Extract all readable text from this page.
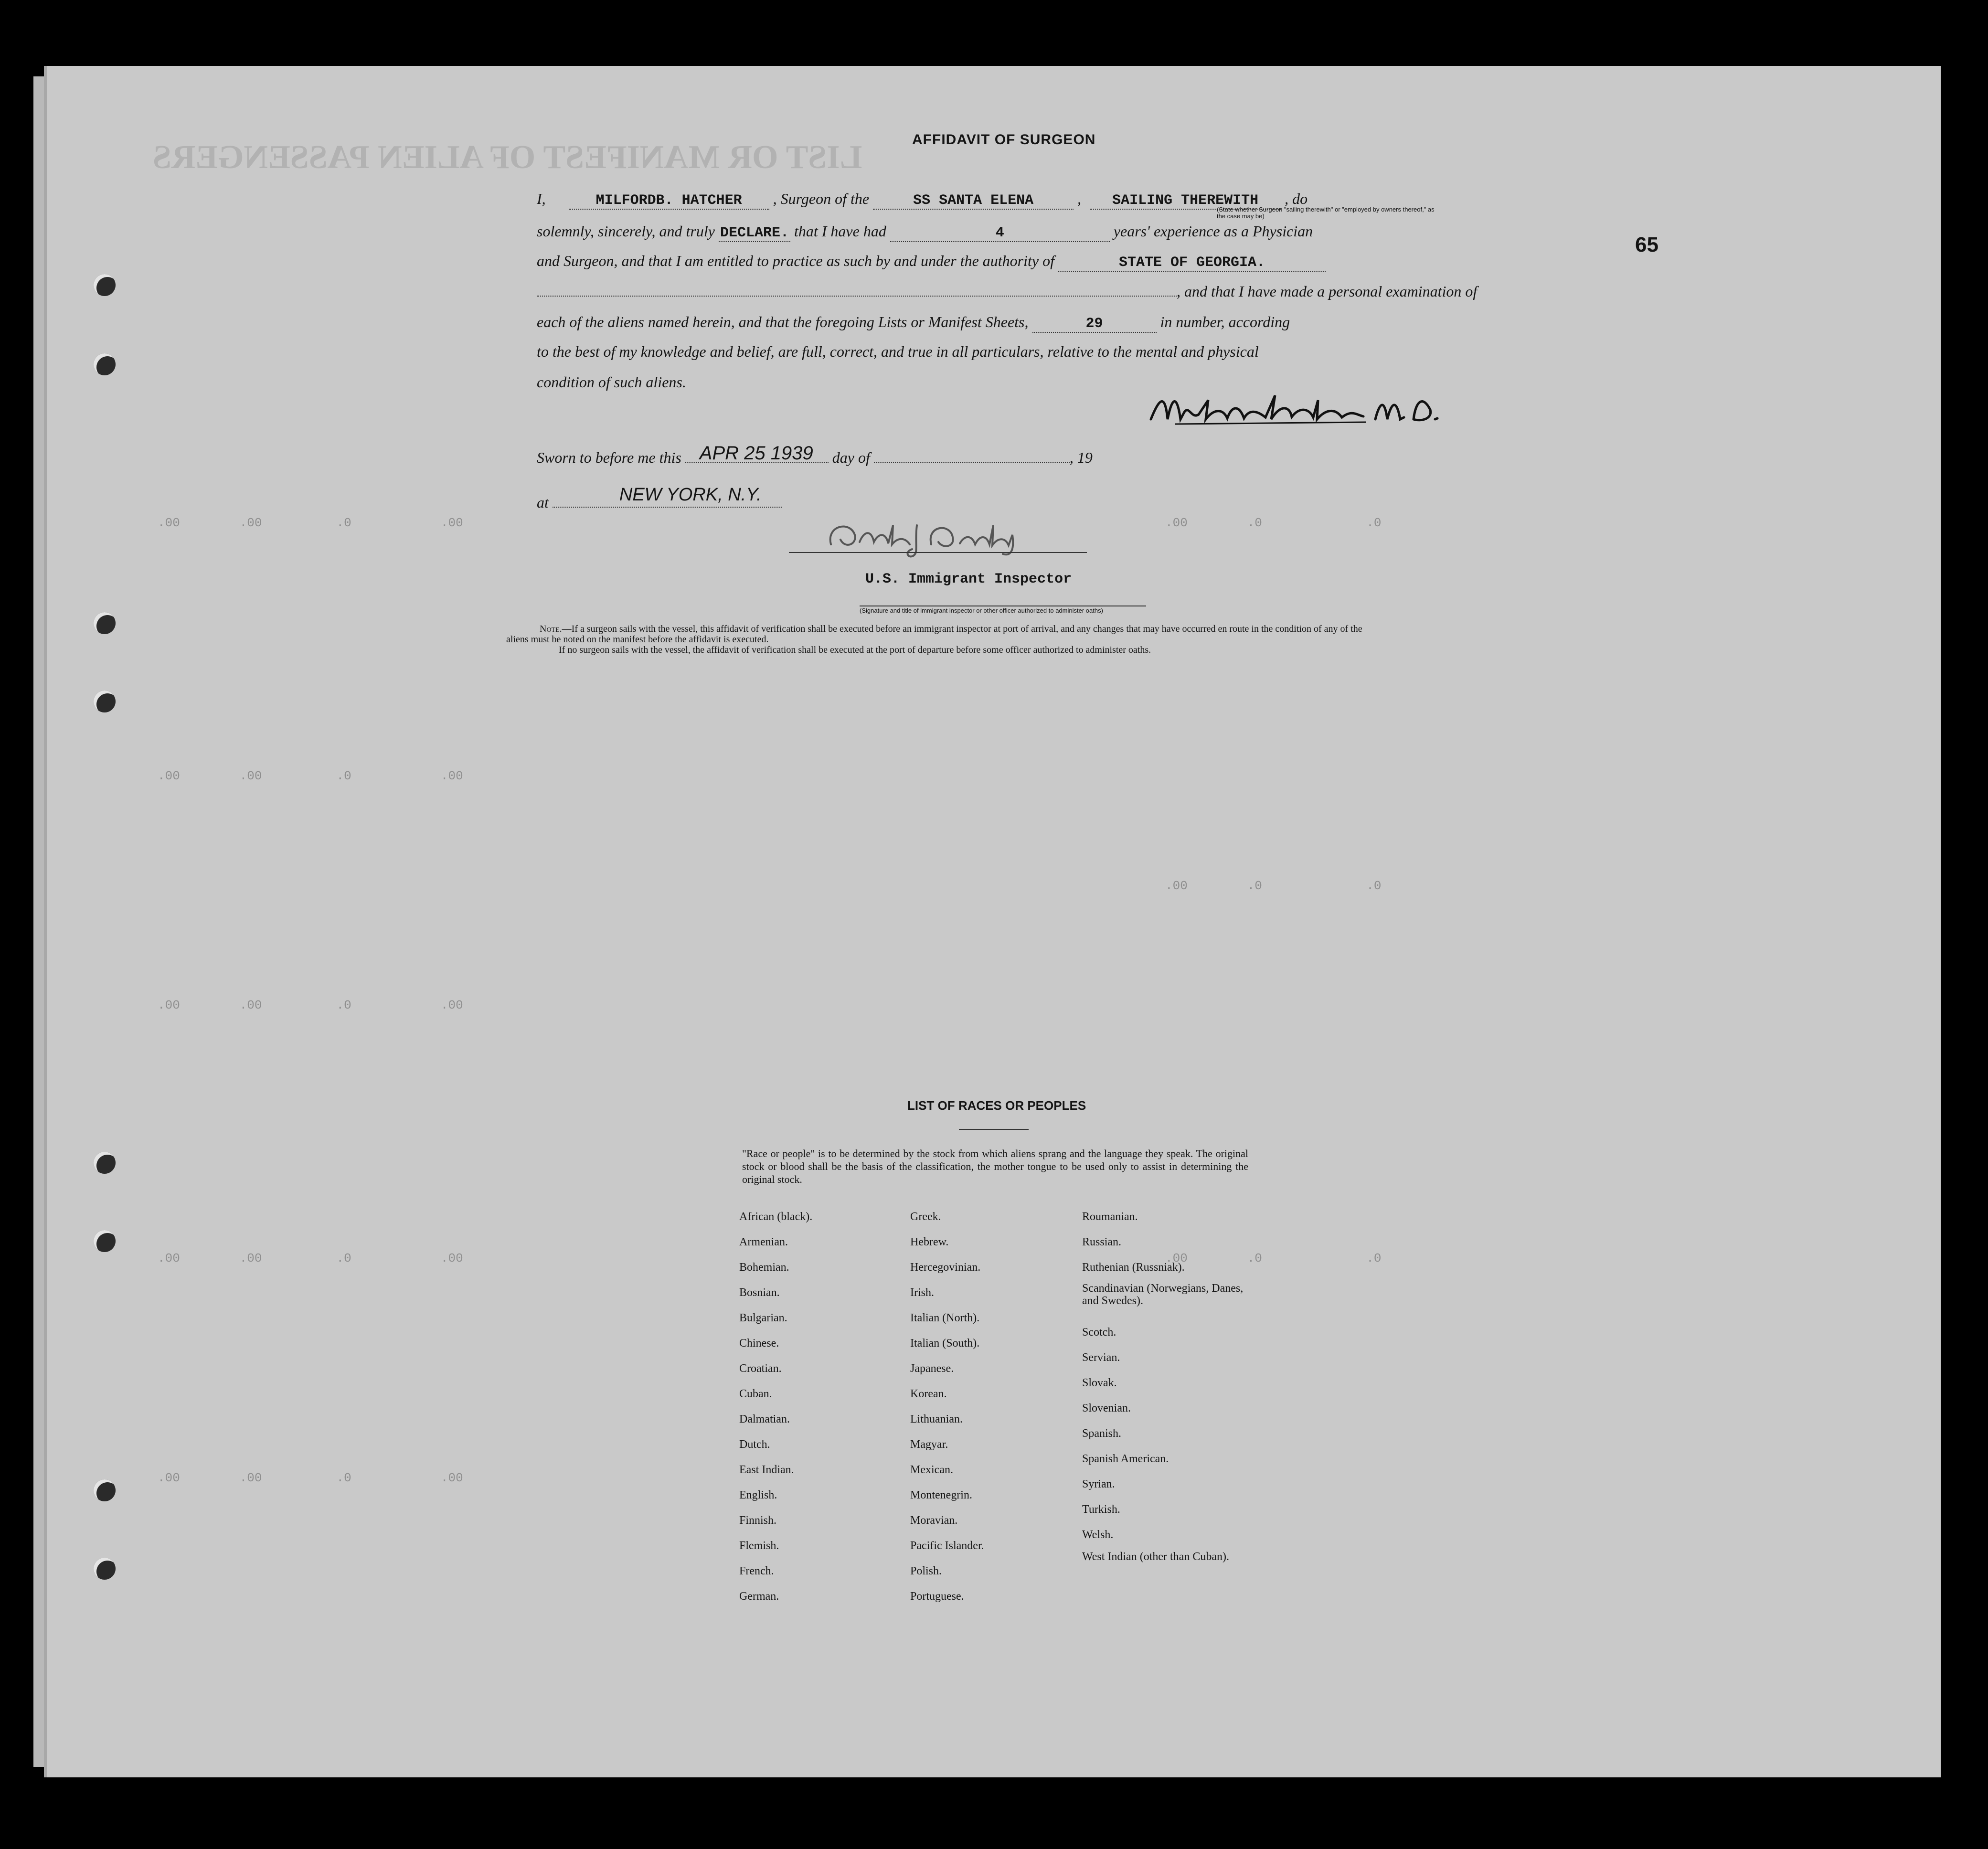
LIST OR MANIFEST OF ALIEN PASSENGERS
.00        .00          .0            .00
.00        .00          .0            .00
.00        .00          .0            .00
.00        .00          .0            .00
.00        .00          .0            .00
.00        .0              .0
.00        .0              .0
.00        .0              .0
65
AFFIDAVIT OF SURGEON
I,	MILFORDB. HATCHER , Surgeon of the	SS SANTA ELENA	, SAILING THEREWITH , do
(State whether Surgeon "sailing therewith" or "employed by owners thereof," as the case may be)
solemnly, sincerely, and truly DECLARE. that I have had	4	years' experience as a Physician
and Surgeon, and that I am entitled to practice as such by and under the authority of	STATE OF GEORGIA.
, and that I have made a personal examination of
each of the aliens named herein, and that the foregoing Lists or Manifest Sheets,	29	in number, according
to the best of my knowledge and belief, are full, correct, and true in all particulars, relative to the mental and physical
condition of such aliens.
Sworn to before me this APR 25 1939 day of	, 19
at	NEW YORK, N.Y.
U.S. Immigrant Inspector
(Signature and title of immigrant inspector or other officer authorized to administer oaths)
Note.—If a surgeon sails with the vessel, this affidavit of verification shall be executed before an immigrant inspector at port of arrival, and any changes that may have occurred en route in the condition of any of the aliens must be noted on the manifest before the affidavit is executed.
If no surgeon sails with the vessel, the affidavit of verification shall be executed at the port of departure before some officer authorized to administer oaths.
LIST OF RACES OR PEOPLES
"Race or people" is to be determined by the stock from which aliens sprang and the language they speak. The original stock or blood shall be the basis of the classification, the mother tongue to be used only to assist in determining the original stock.
African (black).
Armenian.
Bohemian.
Bosnian.
Bulgarian.
Chinese.
Croatian.
Cuban.
Dalmatian.
Dutch.
East Indian.
English.
Finnish.
Flemish.
French.
German.
Greek.
Hebrew.
Hercegovinian.
Irish.
Italian (North).
Italian (South).
Japanese.
Korean.
Lithuanian.
Magyar.
Mexican.
Montenegrin.
Moravian.
Pacific Islander.
Polish.
Portuguese.
Roumanian.
Russian.
Ruthenian (Russniak).
Scandinavian (Norwegians, Danes, and Swedes).
Scotch.
Servian.
Slovak.
Slovenian.
Spanish.
Spanish American.
Syrian.
Turkish.
Welsh.
West Indian (other than Cuban).
